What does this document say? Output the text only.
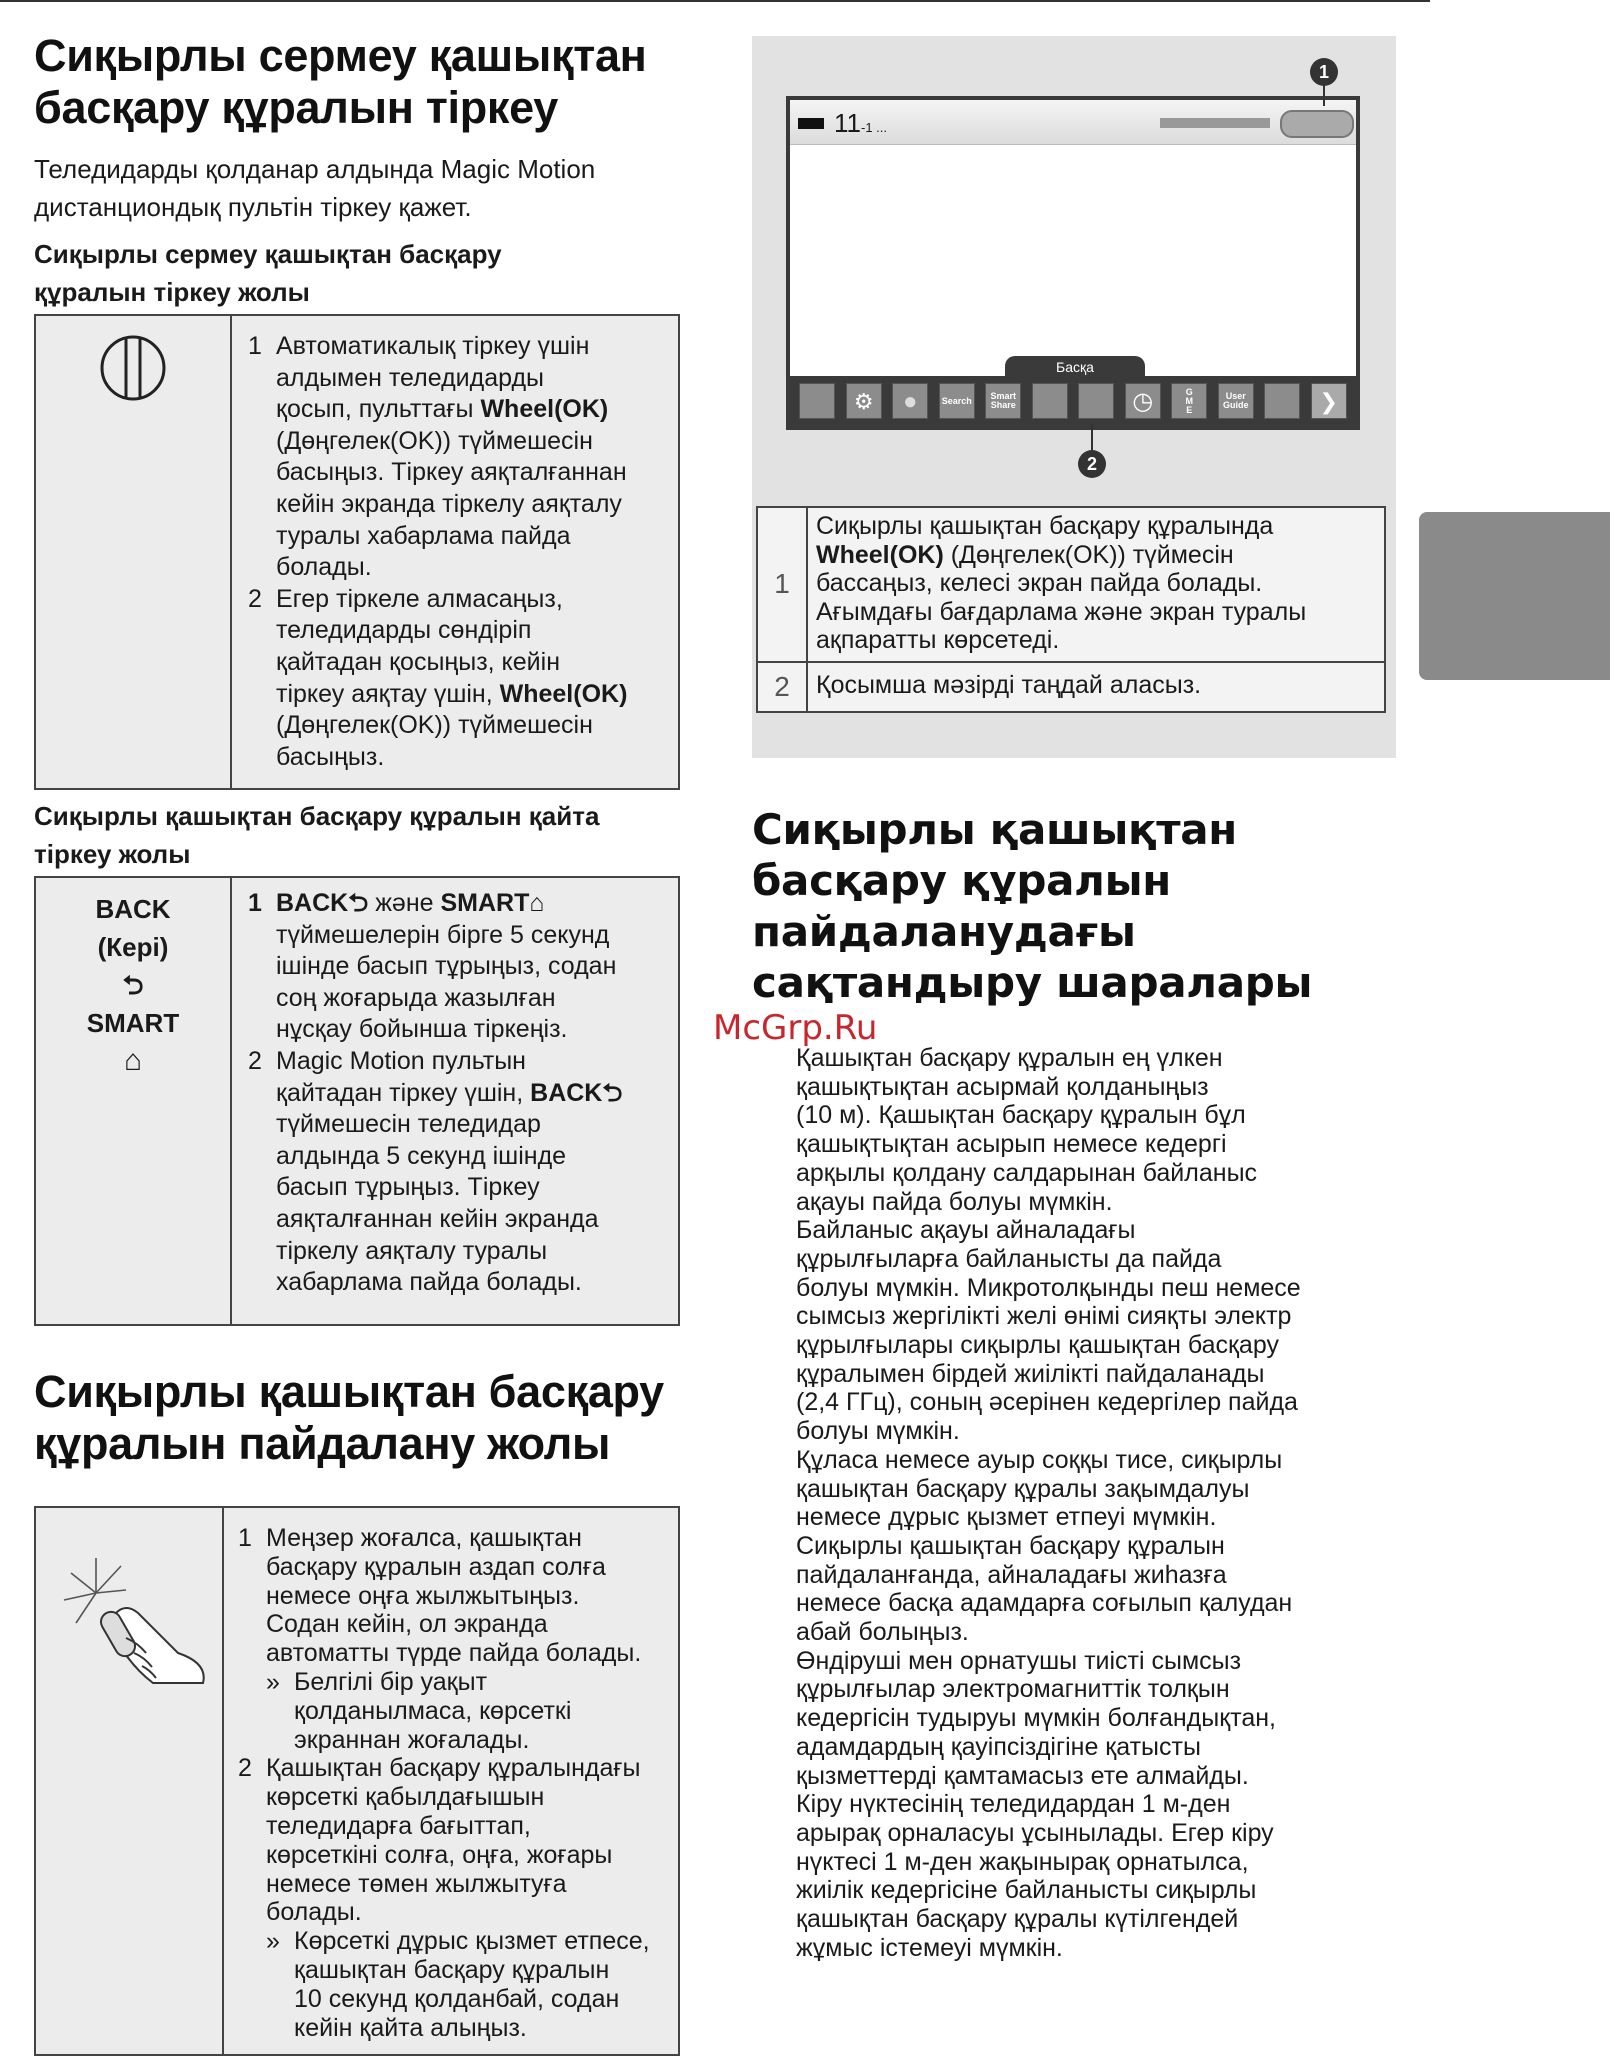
Сиқырлы сермеу қашықтан
басқару құралын тіркеу
Теледидарды қолданар алдында Magic Motion
дистанциондық пультін тіркеу қажет.
Сиқырлы сермеу қашықтан басқару
құралын тіркеу жолы
1 Автоматикалық тіркеу үшін
алдымен теледидарды
қосып, пульттағы Wheel(OK)
(Дөңгелек(OK)) түймешесін
басыңыз. Тіркеу аяқталғаннан
кейін экранда тіркелу аяқталу
туралы хабарлама пайда
болады.
2 Егер тіркеле алмасаңыз,
теледидарды сөндіріп
қайтадан қосыңыз, кейін
тіркеу аяқтау үшін, Wheel(OK)
(Дөңгелек(OK)) түймешесін
басыңыз.
Сиқырлы қашықтан басқару құралын қайта
тіркеу жолы
BACK
(Кері)
⮌
SMART
⌂
1 BACK⮌ және SMART⌂
түймешелерін бірге 5 секунд
ішінде басып тұрыңыз, содан
соң жоғарыда жазылған
нұсқау бойынша тіркеңіз.
2 Magic Motion пультын
қайтадан тіркеу үшін, BACK⮌
түймешесін теледидар
алдында 5 секунд ішінде
басып тұрыңыз. Тіркеу
аяқталғаннан кейін экранда
тіркелу аяқталу туралы
хабарлама пайда болады.
Сиқырлы қашықтан басқару
құралын пайдалану жолы
1 Меңзер жоғалса, қашықтан
басқару құралын аздап солға
немесе оңға жылжытыңыз.
Содан кейін, ол экранда
автоматты түрде пайда болады.
» Белгілі бір уақыт
қолданылмаса, көрсеткі
экраннан жоғалады.
2 Қашықтан басқару құралындағы
көрсеткі қабылдағышын
теледидарға бағыттап,
көрсеткіні солға, оңға, жоғары
немесе төмен жылжытуға
болады.
» Көрсеткі дұрыс қызмет етпесе,
қашықтан басқару құралын
10 секунд қолданбай, содан
кейін қайта алыңыз.
11-1 ...
Басқа
⚙	●	Search	Smart
Share	◷	G
M
E
User
Guide	❯
1
2
1	Сиқырлы қашықтан басқару құралында
Wheel(OK) (Дөңгелек(OK)) түймесін
бассаңыз, келесі экран пайда болады.
Ағымдағы бағдарлама және экран туралы
ақпаратты көрсетеді.
2	Қосымша мәзірді таңдай аласыз.
Сиқырлы қашықтан
басқару құралын
пайдаланудағы
сақтандыру шаралары
McGrp.Ru
Қашықтан басқару құралын ең үлкен
қашықтықтан асырмай қолданыңыз
(10 м). Қашықтан басқару құралын бұл
қашықтықтан асырып немесе кедергі
арқылы қолдану салдарынан байланыс
ақауы пайда болуы мүмкін.
Байланыс ақауы айналадағы
құрылғыларға байланысты да пайда
болуы мүмкін. Микротолқынды пеш немесе
сымсыз жергілікті желі өнімі сияқты электр
құрылғылары сиқырлы қашықтан басқару
құралымен бірдей жиілікті пайдаланады
(2,4 ГГц), соның әсерінен кедергілер пайда
болуы мүмкін.
Құласа немесе ауыр соққы тисе, сиқырлы
қашықтан басқару құралы зақымдалуы
немесе дұрыс қызмет етпеуі мүмкін.
Сиқырлы қашықтан басқару құралын
пайдаланғанда, айналадағы жиһазға
немесе басқа адамдарға соғылып қалудан
абай болыңыз.
Өндіруші мен орнатушы тиісті сымсыз
құрылғылар электромагниттік толқын
кедергісін тудыруы мүмкін болғандықтан,
адамдардың қауіпсіздігіне қатысты
қызметтерді қамтамасыз ете алмайды.
Кіру нүктесінің теледидардан 1 м-ден
арырақ орналасуы ұсынылады. Егер кіру
нүктесі 1 м-ден жақынырақ орнатылса,
жиілік кедергісіне байланысты сиқырлы
қашықтан басқару құралы күтілгендей
жұмыс істемеуі мүмкін.
